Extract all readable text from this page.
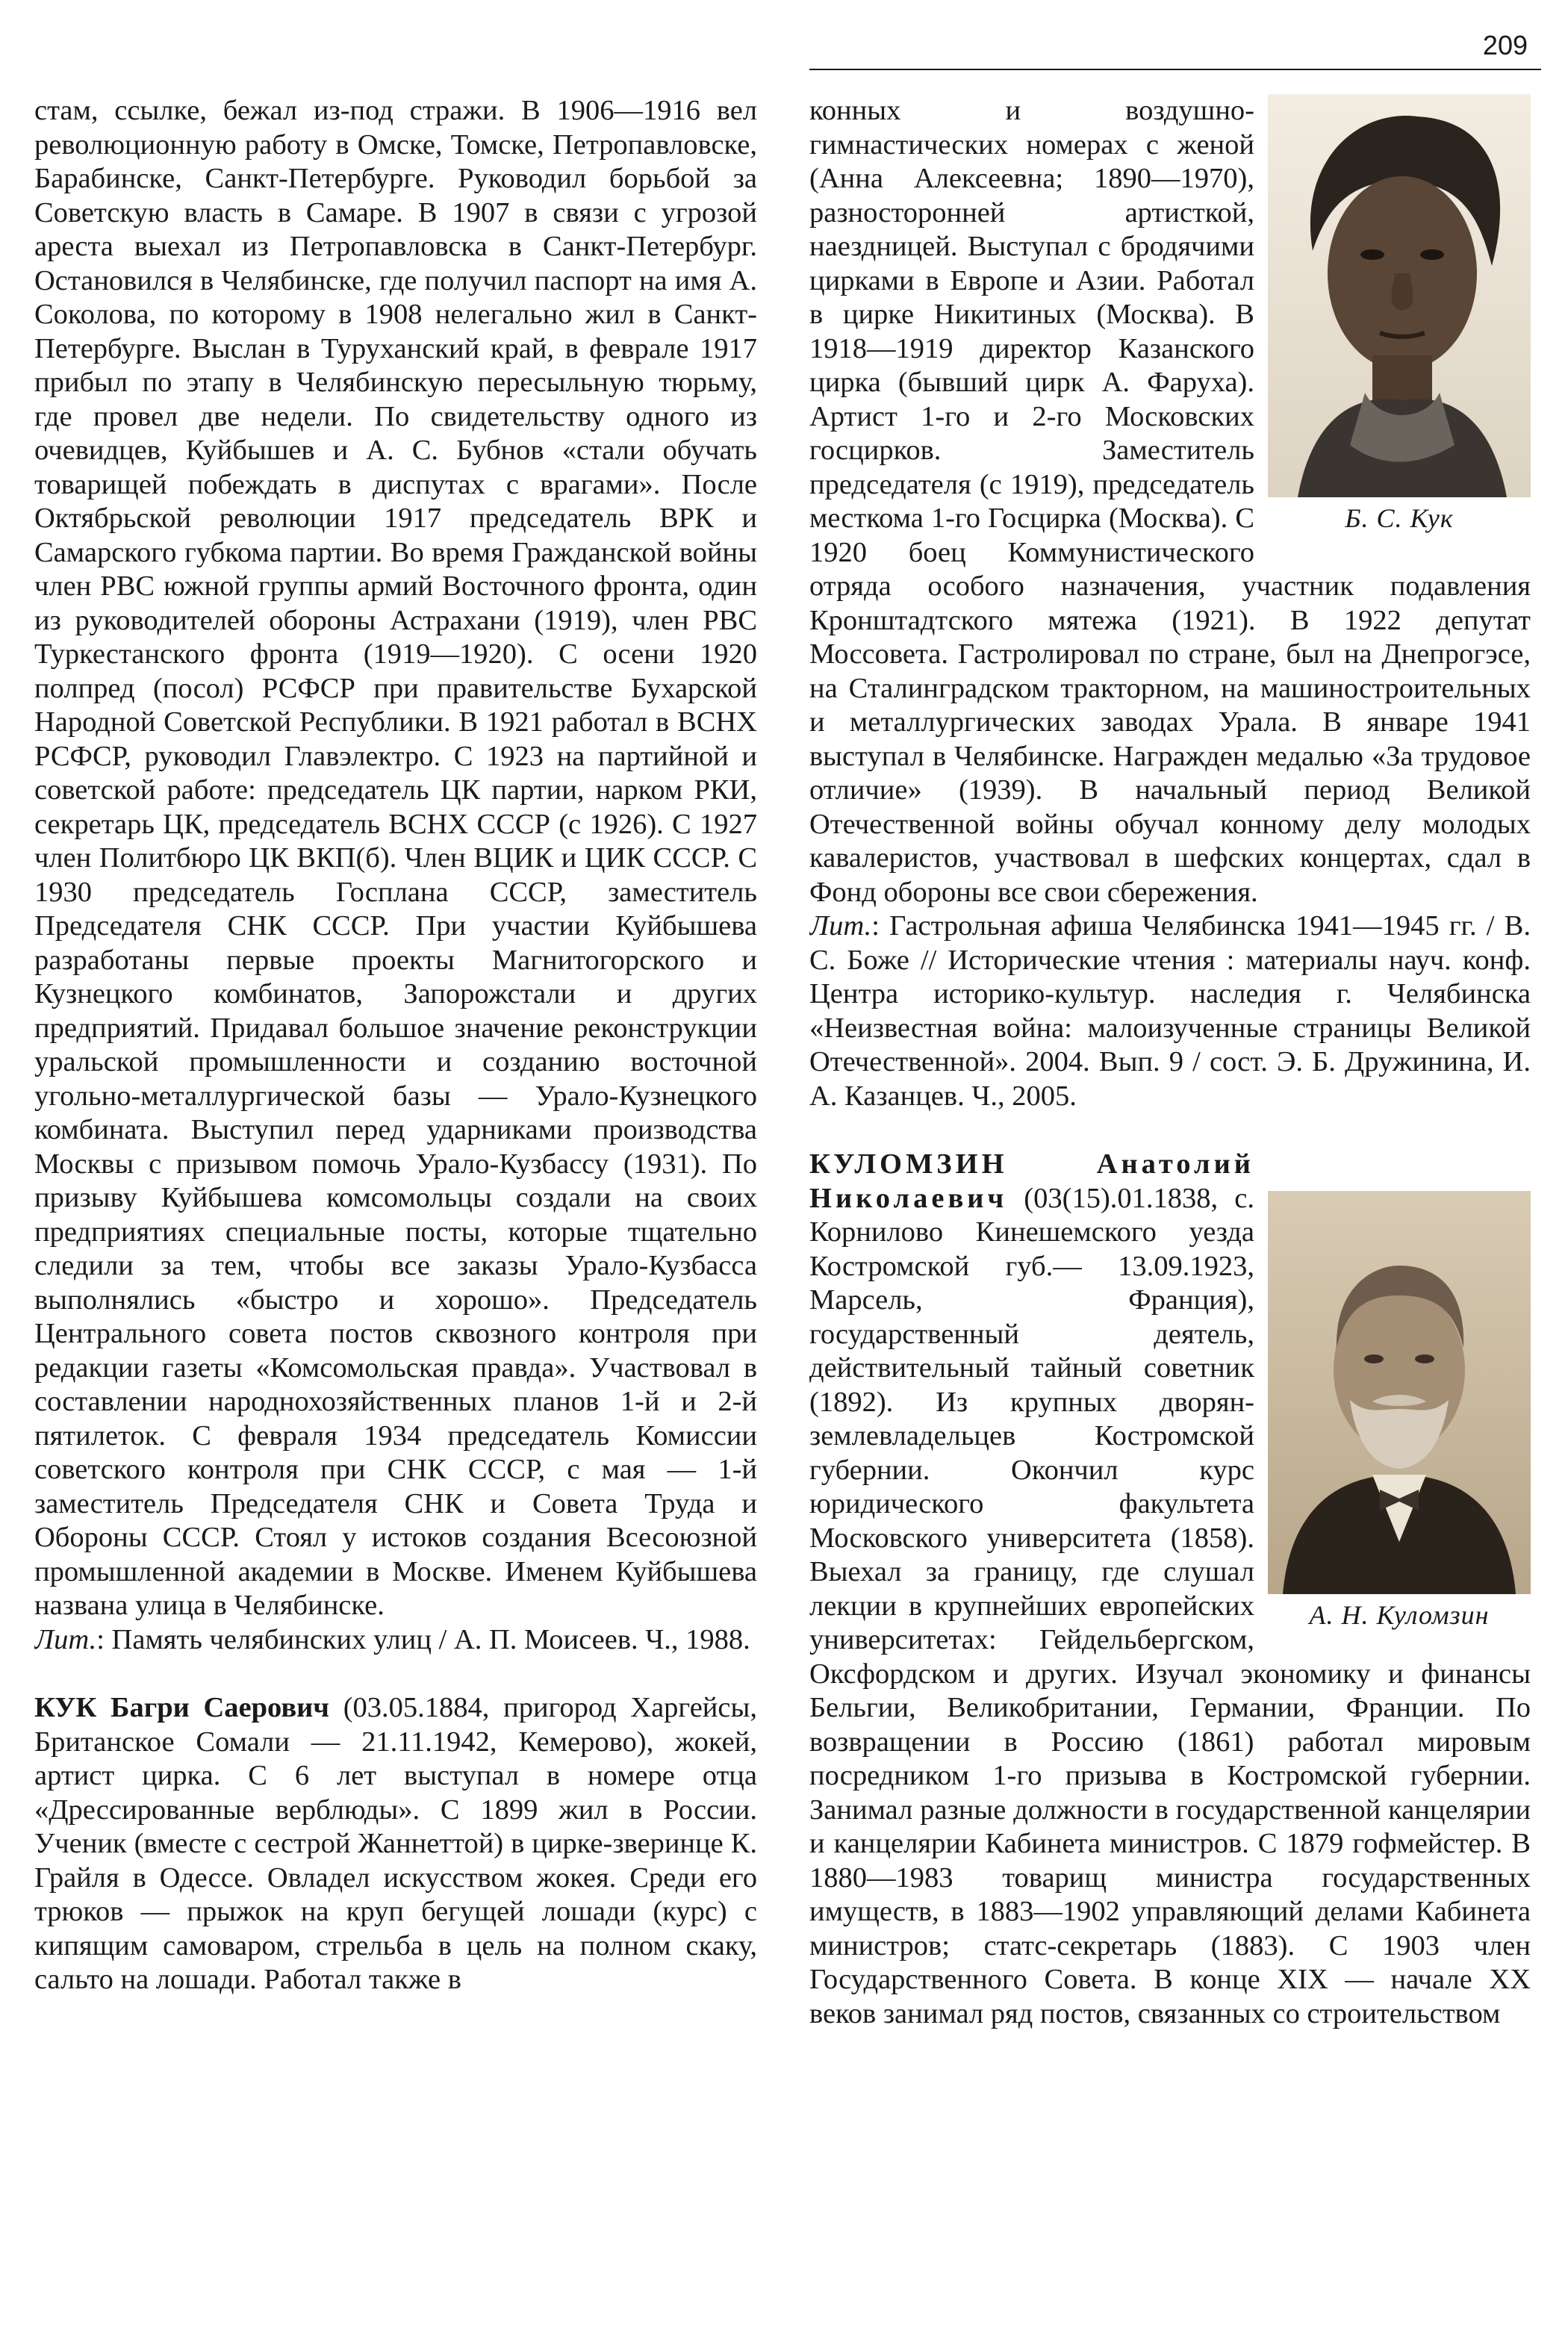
209

стам, ссылке, бежал из-под стражи. В 1906—1916 вел революционную работу в Омске, Томске, Петропавловске, Барабинске, Санкт-Петербурге. Руководил борьбой за Советскую власть в Самаре. В 1907 в связи с угрозой ареста выехал из Петропавловска в Санкт-Петербург. Остановился в Челябинске, где получил паспорт на имя А. Соколова, по которому в 1908 нелегально жил в Санкт-Петербурге. Выслан в Туруханский край, в феврале 1917 прибыл по этапу в Челябинскую пересыльную тюрьму, где провел две недели. По свидетельству одного из очевидцев, Куйбышев и А. С. Бубнов «стали обучать товарищей побеждать в диспутах с врагами». После Октябрьской революции 1917 председатель ВРК и Самарского губкома партии. Во время Гражданской войны член РВС южной группы армий Восточного фронта, один из руководителей обороны Астрахани (1919), член РВС Туркестанского фронта (1919—1920). С осени 1920 полпред (посол) РСФСР при правительстве Бухарской Народной Советской Республики. В 1921 работал в ВСНХ РСФСР, руководил Главэлектро. С 1923 на партийной и советской работе: председатель ЦК партии, нарком РКИ, секретарь ЦК, председатель ВСНХ СССР (с 1926). С 1927 член Политбюро ЦК ВКП(б). Член ВЦИК и ЦИК СССР. С 1930 председатель Госплана СССР, заместитель Председателя СНК СССР. При участии Куйбышева разработаны первые проекты Магнитогорского и Кузнецкого комбинатов, Запорожстали и других предприятий. Придавал большое значение реконструкции уральской промышленности и созданию восточной угольно-металлургической базы — Урало-Кузнецкого комбината. Выступил перед ударниками производства Москвы с призывом помочь Урало-Кузбассу (1931). По призыву Куйбышева комсомольцы создали на своих предприятиях специальные посты, которые тщательно следили за тем, чтобы все заказы Урало-Кузбасса выполнялись «быстро и хорошо». Председатель Центрального совета постов сквозного контроля при редакции газеты «Комсомольская правда». Участвовал в составлении народнохозяйственных планов 1-й и 2-й пятилеток. С февраля 1934 председатель Комиссии советского контроля при СНК СССР, с мая — 1-й заместитель Председателя СНК и Совета Труда и Обороны СССР. Стоял у истоков создания Всесоюзной промышленной академии в Москве. Именем Куйбышева названа улица в Челябинске.

Лит.: Память челябинских улиц / А. П. Моисеев. Ч., 1988.

КУК Багри Саерович (03.05.1884, пригород Харгейсы, Британское Сомали — 21.11.1942, Кемерово), жокей, артист цирка. С 6 лет выступал в номере отца «Дрессированные верблюды». С 1899 жил в России. Ученик (вместе с сестрой Жаннеттой) в цирке-зверинце К. Грайля в Одессе. Овладел искусством жокея. Среди его трюков — прыжок на круп бегущей лошади (курс) с кипящим самоваром, стрельба в цель на полном скаку, сальто на лошади. Работал также в

Б. С. Кук

конных и воздушно-гимнастических номерах с женой (Анна Алексеевна; 1890—1970), разносторонней артисткой, наездницей. Выступал с бродячими цирками в Европе и Азии. Работал в цирке Никитиных (Москва). В 1918—1919 директор Казанского цирка (бывший цирк А. Фаруха). Артист 1-го и 2-го Московских госцирков. Заместитель председателя (с 1919), председатель месткома 1-го Госцирка (Москва). С 1920 боец Коммунистического отряда особого назначения, участник подавления Кронштадтского мятежа (1921). В 1922 депутат Моссовета. Гастролировал по стране, был на Днепрогэсе, на Сталинградском тракторном, на машиностроительных и металлургических заводах Урала. В январе 1941 выступал в Челябинске. Награжден медалью «За трудовое отличие» (1939). В начальный период Великой Отечественной войны обучал конному делу молодых кавалеристов, участвовал в шефских концертах, сдал в Фонд обороны все свои сбережения.

Лит.: Гастрольная афиша Челябинска 1941—1945 гг. / В. С. Боже // Исторические чтения : материалы науч. конф. Центра историко-культур. наследия г. Челябинска «Неизвестная война: малоизученные страницы Великой Отечественной». 2004. Вып. 9 / сост. Э. Б. Дружинина, И. А. Казанцев. Ч., 2005.

А. Н. Куломзин

КУЛОМЗИН Анатолий Николаевич (03(15).01.1838, с. Корнилово Кинешемского уезда Костромской губ.— 13.09.1923, Марсель, Франция), государственный деятель, действительный тайный советник (1892). Из крупных дворян-землевладельцев Костромской губернии. Окончил курс юридического факультета Московского университета (1858). Выехал за границу, где слушал лекции в крупнейших европейских университетах: Гейдельбергском, Оксфордском и других. Изучал экономику и финансы Бельгии, Великобритании, Германии, Франции. По возвращении в Россию (1861) работал мировым посредником 1-го призыва в Костромской губернии. Занимал разные должности в государственной канцелярии и канцелярии Кабинета министров. С 1879 гофмейстер. В 1880—1983 товарищ министра государственных имуществ, в 1883—1902 управляющий делами Кабинета министров; статс-секретарь (1883). С 1903 член Государственного Совета. В конце XIX — начале XX веков занимал ряд постов, связанных со строительством
